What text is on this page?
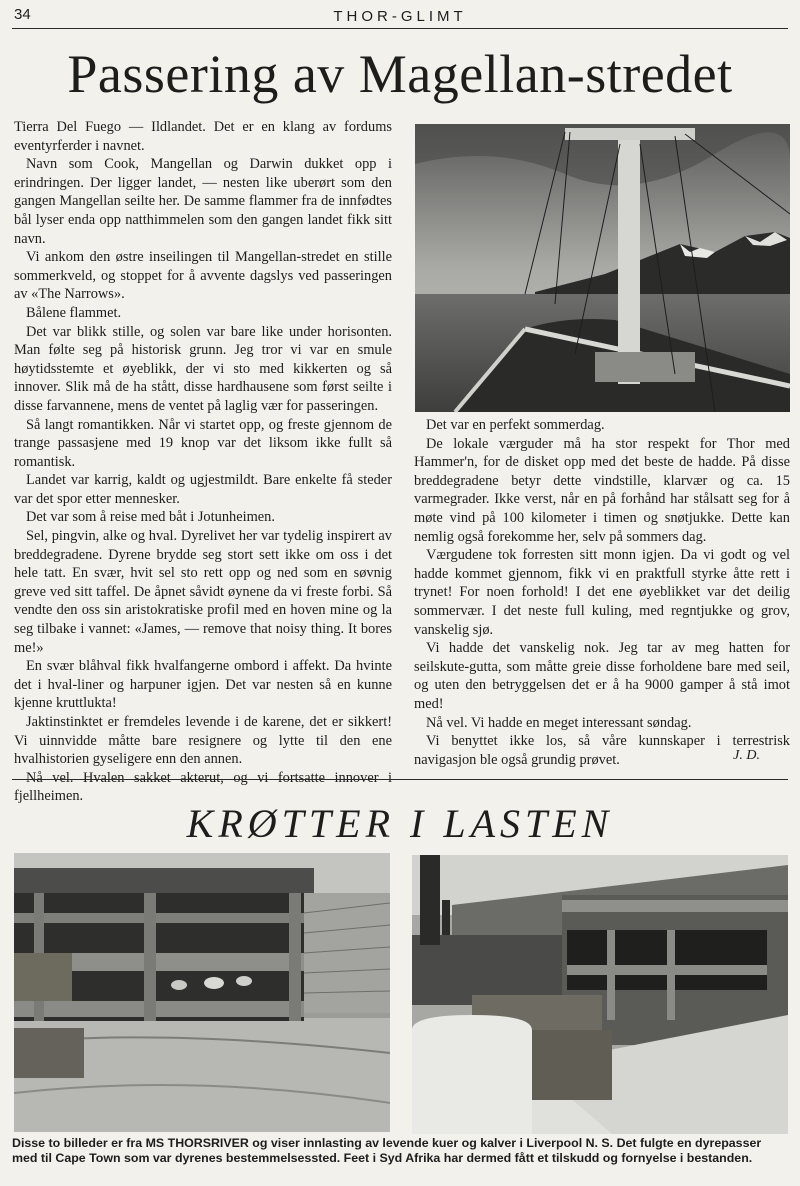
34	THOR-GLIMT
Passering av Magellan-stredet

Tierra Del Fuego — Ildlandet. Det er en klang av fordums eventyrferder i navnet.

Navn som Cook, Mangellan og Darwin dukket opp i erindringen. Der ligger landet, — nesten like uberørt som den gangen Mangellan seilte her. De samme flammer fra de innfødtes bål lyser enda opp natthimmelen som den gangen landet fikk sitt navn.

Vi ankom den østre inseilingen til Mangellan-stredet en stille sommerkveld, og stoppet for å avvente dagslys ved passeringen av «The Narrows».

Bålene flammet.

Det var blikk stille, og solen var bare like under horisonten. Man følte seg på historisk grunn. Jeg tror vi var en smule høytidsstemte et øyeblikk, der vi sto med kikkerten og så innover. Slik må de ha stått, disse hardhausene som først seilte i disse farvannene, mens de ventet på laglig vær for passeringen.

Så langt romantikken. Når vi startet opp, og freste gjennom de trange passasjene med 19 knop var det liksom ikke fullt så romantisk.

Landet var karrig, kaldt og ugjestmildt. Bare enkelte få steder var det spor etter mennesker.

Det var som å reise med båt i Jotunheimen.

Sel, pingvin, alke og hval. Dyrelivet her var tydelig inspirert av breddegradene. Dyrene brydde seg stort sett ikke om oss i det hele tatt. En svær, hvit sel sto rett opp og ned som en søvnig greve ved sitt taffel. De åpnet såvidt øynene da vi freste forbi. Så vendte den oss sin aristokratiske profil med en hoven mine og la seg tilbake i vannet: «James, — remove that noisy thing. It bores me!»

En svær blåhval fikk hvalfangerne ombord i affekt. Da hvinte det i hval-liner og harpuner igjen. Det var nesten så en kunne kjenne kruttlukta!

Jaktinstinktet er fremdeles levende i de karene, det er sikkert! Vi uinnvidde måtte bare resignere og lytte til den ene hvalhistorien gyseligere enn den annen.

Nå vel. Hvalen sakket akterut, og vi fortsatte innover i fjellheimen.

Det var en perfekt sommerdag.

De lokale værguder må ha stor respekt for Thor med Hammer'n, for de disket opp med det beste de hadde. På disse breddegradene betyr dette vindstille, klarvær og ca. 15 varmegrader. Ikke verst, når en på forhånd har stålsatt seg for å møte vind på 100 kilometer i timen og snøtjukke. Dette kan nemlig også forekomme her, selv på sommers dag.

Værgudene tok forresten sitt monn igjen. Da vi godt og vel hadde kommet gjennom, fikk vi en praktfull styrke åtte rett i trynet! For noen forhold! I det ene øyeblikket var det deilig sommervær. I det neste full kuling, med regntjukke og grov, vanskelig sjø.

Vi hadde det vanskelig nok. Jeg tar av meg hatten for seilskute-gutta, som måtte greie disse forholdene bare med seil, og uten den betryggelsen det er å ha 9000 gamper å stå imot med!

Nå vel. Vi hadde en meget interessant søndag.

Vi benyttet ikke los, så våre kunnskaper i terrestrisk navigasjon ble også grundig prøvet.	J. D.
KRØTTER I LASTEN
Disse to billeder er fra MS THORSRIVER og viser innlasting av levende kuer og kalver i Liverpool N. S. Det fulgte en dyrepasser med til Cape Town som var dyrenes bestemmelsessted. Feet i Syd Afrika har dermed fått et tilskudd og fornyelse i bestanden.
